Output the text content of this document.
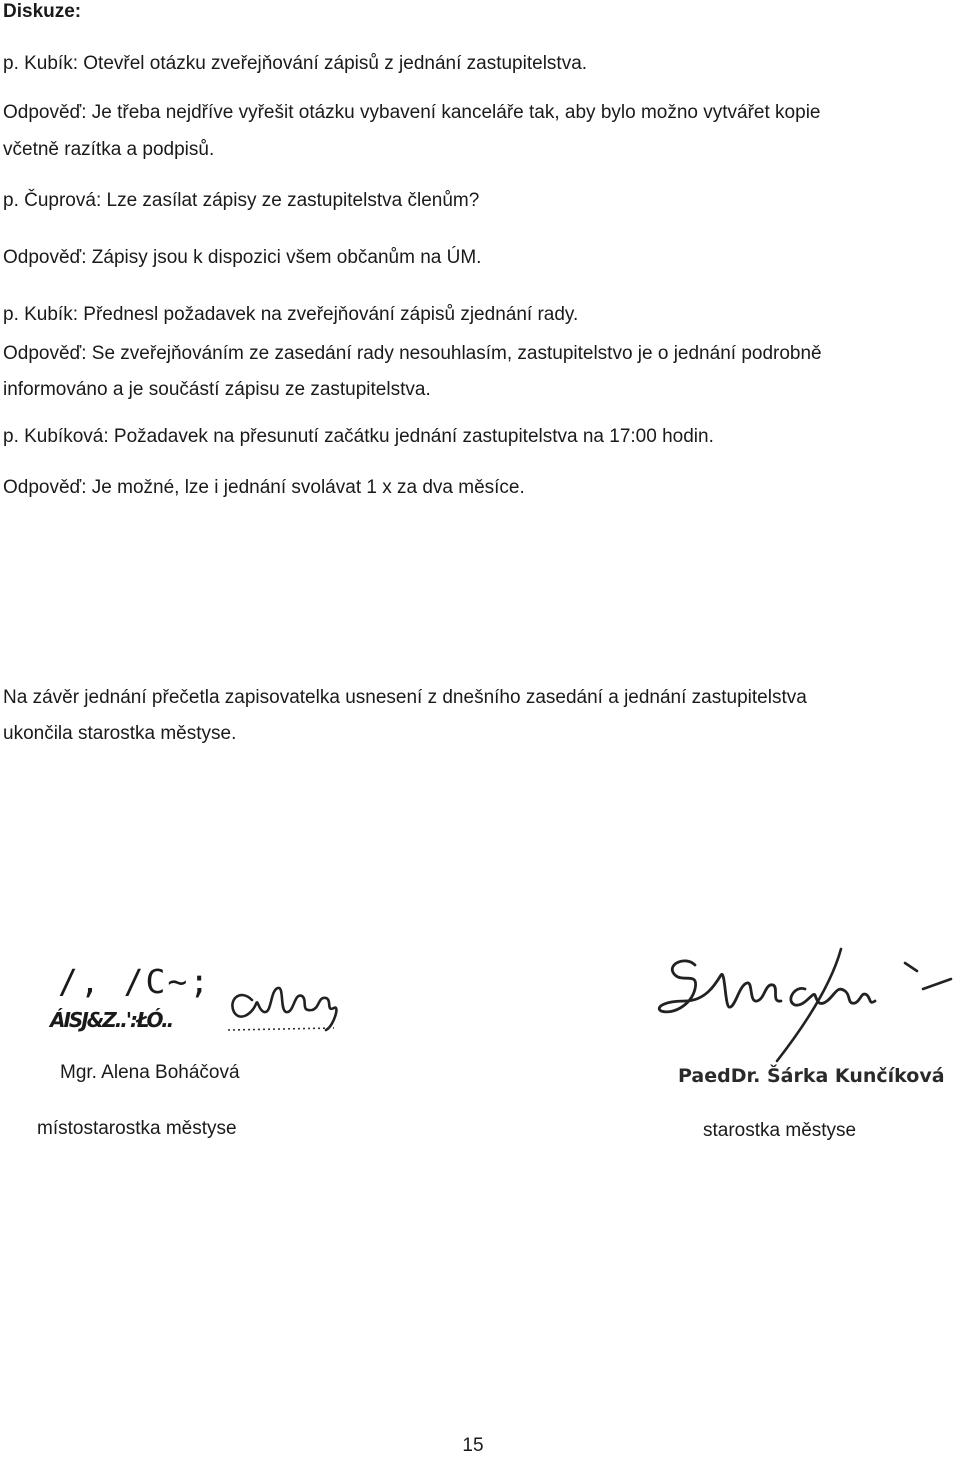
Diskuze:

p. Kubík: Otevřel otázku zveřejňování zápisů z jednání zastupitelstva.

Odpověď: Je třeba nejdříve vyřešit otázku vybavení kanceláře tak, aby bylo možno vytvářet kopie

včetně razítka a podpisů.

p. Čuprová: Lze zasílat zápisy ze zastupitelstva členům?

Odpověď: Zápisy jsou k dispozici všem občanům na ÚM.

p. Kubík: Přednesl požadavek na zveřejňování zápisů zjednání rady.

Odpověď: Se zveřejňováním ze zasedání rady nesouhlasím, zastupitelstvo je o jednání podrobně

informováno a je součástí zápisu ze zastupitelstva.

p. Kubíková: Požadavek na přesunutí začátku jednání zastupitelstva na 17:00 hodin.

Odpověď: Je možné, lze i jednání svolávat 1 x za dva měsíce.

Na závěr jednání přečetla zapisovatelka usnesení z dnešního zasedání a jednání zastupitelstva

ukončila starostka městyse.

/, /C~;
ÁISJ&Z..':ŁÓ..
Mgr. Alena Boháčová
místostarostka městyse
PaedDr. Šárka Kunčíková
starostka městyse
15
